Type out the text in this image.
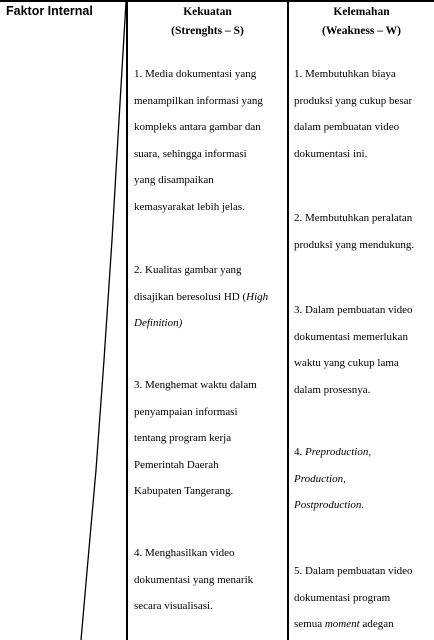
Faktor Internal	Kekuatan
(Strenghts – S)
Kelemahan
(Weakness – W)
1. Media dokumentasi yang
menampilkan informasi yang
kompleks antara gambar dan
suara, sehingga informasi
yang disampaikan
kemasyarakat lebih jelas.
2. Kualitas gambar yang
disajikan beresolusi HD (High
Definition)
3. Menghemat waktu dalam
penyampaian informasi
tentang program kerja
Pemerintah Daerah
Kabupaten Tangerang.
4. Menghasilkan video
dokumentasi yang menarik
secara visualisasi.
1. Membutuhkan biaya
produksi yang cukup besar
dalam pembuatan video
dokumentasi ini.
2. Membutuhkan peralatan
produksi yang mendukung.
3. Dalam pembuatan video
dokumentasi memerlukan
waktu yang cukup lama
dalam prosesnya.
4. Preproduction,
Production,
Postproduction.
5. Dalam pembuatan video
dokumentasi program
semua moment adegan
